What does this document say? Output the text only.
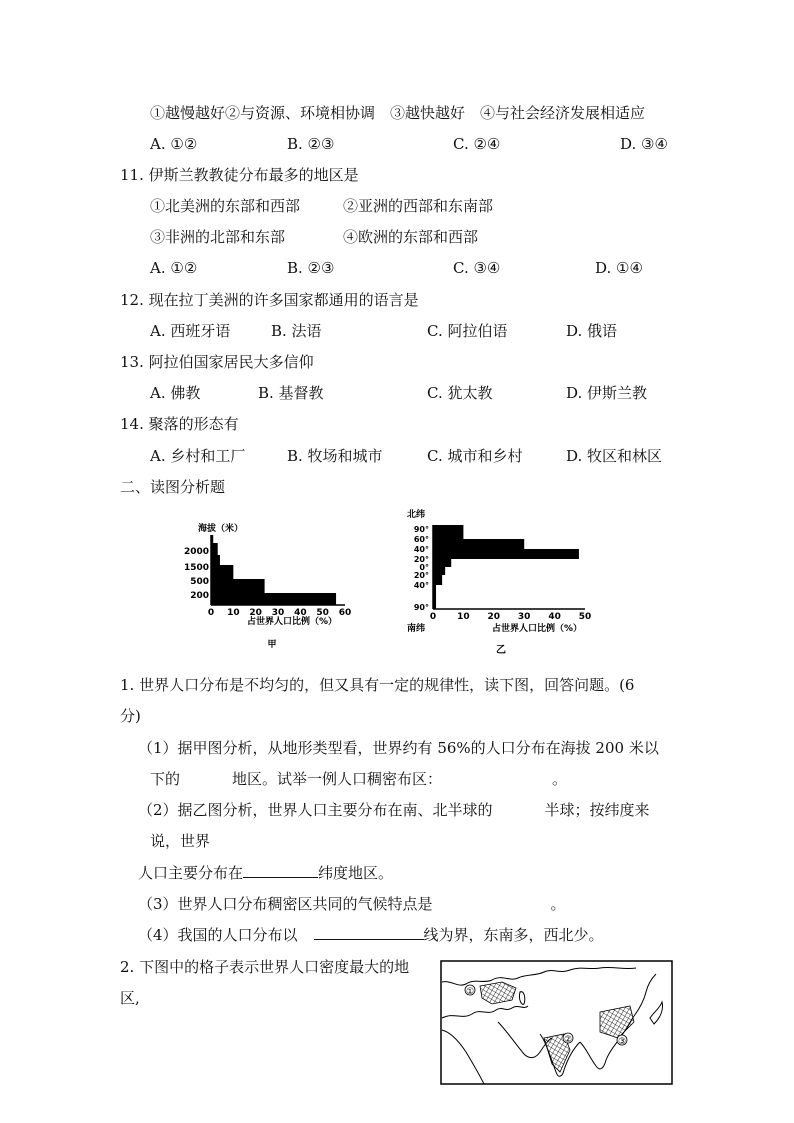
①越慢越好②与资源、环境相协调　③越快越好　④与社会经济发展相适应
A. ①②	B. ②③	C. ②④	D. ③④
11. 伊斯兰教教徒分布最多的地区是
①北美洲的东部和西部	②亚洲的西部和东南部
③非洲的北部和东部	④欧洲的东部和西部
A. ①②	B. ②③	C. ③④	D. ①④
12. 现在拉丁美洲的许多国家都通用的语言是
A. 西班牙语	B. 法语	C. 阿拉伯语	D. 俄语
13. 阿拉伯国家居民大多信仰
A. 佛教	B. 基督教	C. 犹太教	D. 伊斯兰教
14. 聚落的形态有
A. 乡村和工厂	B. 牧场和城市	C. 城市和乡村	D. 牧区和林区
二、读图分析题
海拔（米）
2000
1500
500
200
0 10 20 30 40 50 60
占世界人口比例（%）
甲
北纬
90°
60°
40°
20°
0°
20°
40°
90°
0 10 20 30 40 50
南纬	占世界人口比例（%）
乙
1. 世界人口分布是不均匀的，但又具有一定的规律性，读下图，回答问题。(6
分)
（1）据甲图分析，从地形类型看，世界约有 56%的人口分布在海拔 200 米以
下的	地区。试举一例人口稠密布区：	。
（2）据乙图分析，世界人口主要分布在南、北半球的	半球；按纬度来
说，世界
人口主要分布在	纬度地区。
（3）世界人口分布稠密区共同的气候特点是	。
（4）我国的人口分布以	线为界，东南多，西北少。
2. 下图中的格子表示世界人口密度最大的地
区,	①
②	③
